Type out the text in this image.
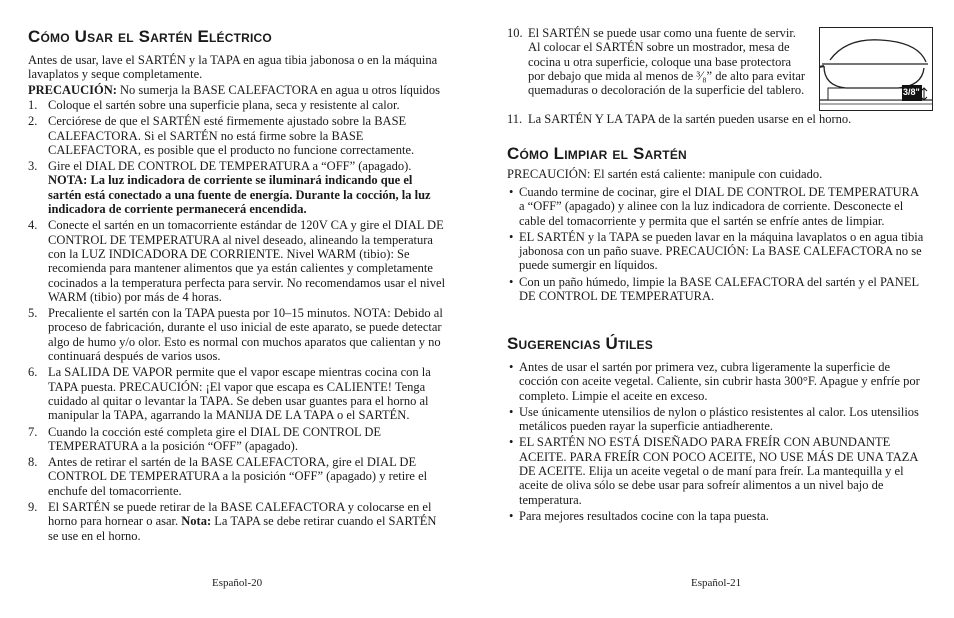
Cómo Usar el Sartén Eléctrico

Antes de usar, lave el SARTÉN y la TAPA en agua tibia jabonosa o en la máquina lavaplatos y seque completamente.

PRECAUCIÓN: No sumerja la BASE CALEFACTORA en agua u otros líquidos

1. Coloque el sartén sobre una superficie plana, seca y resistente al calor.
2. Cerciórese de que el SARTÉN esté firmemente ajustado sobre la BASE CALEFACTORA. Si el SARTÉN no está firme sobre la BASE CALEFACTORA, es posible que el producto no funcione correctamente.
3. Gire el DIAL DE CONTROL DE TEMPERATURA a “OFF” (apagado).
NOTA: La luz indicadora de corriente se iluminará indicando que el sartén está conectado a una fuente de energía. Durante la cocción, la luz indicadora de corriente permanecerá encendida.
4. Conecte el sartén en un tomacorriente estándar de 120V CA y gire el DIAL DE CONTROL DE TEMPERATURA al nivel deseado, alineando la temperatura con la LUZ INDICADORA DE CORRIENTE. Nivel WARM (tibio): Se recomienda para mantener alimentos que ya están calientes y completamente cocinados a la temperatura perfecta para servir. No recomendamos usar el nivel WARM (tibio) por más de 4 horas.
5. Precaliente el sartén con la TAPA puesta por 10–15 minutos. NOTA: Debido al proceso de fabricación, durante el uso inicial de este aparato, se puede detectar algo de humo y/o olor. Esto es normal con muchos aparatos que calientan y no continuará después de varios usos.
6. La SALIDA DE VAPOR permite que el vapor escape mientras cocina con la TAPA puesta. PRECAUCIÓN: ¡El vapor que escapa es CALIENTE! Tenga cuidado al quitar o levantar la TAPA. Se deben usar guantes para el horno al manipular la TAPA, agarrando la MANIJA DE LA TAPA o el SARTÉN.
7. Cuando la cocción esté completa gire el DIAL DE CONTROL DE TEMPERATURA a la posición “OFF” (apagado).
8. Antes de retirar el sartén de la BASE CALEFACTORA, gire el DIAL DE CONTROL DE TEMPERATURA a la posición “OFF” (apagado) y retire el enchufe del tomacorriente.
9. El SARTÉN se puede retirar de la BASE CALEFACTORA y colocarse en el horno para hornear o asar. Nota: La TAPA se debe retirar cuando el SARTÉN se use en el horno.
Español-20
10. El SARTÉN se puede usar como una fuente de servir. Al colocar el SARTÉN sobre un mostrador, mesa de cocina u otra superficie, coloque una base protectora por debajo que mida al menos de ³⁄₈” de alto para evitar quemaduras o decoloración de la superficie del tablero.	3/8"
11. La SARTÉN Y LA TAPA de la sartén pueden usarse en el horno.
Cómo Limpiar el Sartén

PRECAUCIÓN: El sartén está caliente: manipule con cuidado.

• Cuando termine de cocinar, gire el DIAL DE CONTROL DE TEMPERATURA a “OFF” (apagado) y alinee con la luz indicadora de corriente. Desconecte el cable del tomacorriente y permita que el sartén se enfríe antes de limpiar.
• EL SARTÉN y la TAPA se pueden lavar en la máquina lavaplatos o en agua tibia jabonosa con un paño suave. PRECAUCIÓN: La BASE CALEFACTORA no se puede sumergir en líquidos.
• Con un paño húmedo, limpie la BASE CALEFACTORA del sartén y el PANEL DE CONTROL DE TEMPERATURA.
Sugerencias Útiles
• Antes de usar el sartén por primera vez, cubra ligeramente la superficie de cocción con aceite vegetal. Caliente, sin cubrir hasta 300°F. Apague y enfríe por completo. Limpie el aceite en exceso.
• Use únicamente utensilios de nylon o plástico resistentes al calor. Los utensilios metálicos pueden rayar la superficie antiadherente.
• EL SARTÉN NO ESTÁ DISEÑADO PARA FREÍR CON ABUNDANTE ACEITE. PARA FREÍR CON POCO ACEITE, NO USE MÁS DE UNA TAZA DE ACEITE. Elija un aceite vegetal o de maní para freír. La mantequilla y el aceite de oliva sólo se debe usar para sofreír alimentos a un nivel bajo de temperatura.
• Para mejores resultados cocine con la tapa puesta.
Español-21
